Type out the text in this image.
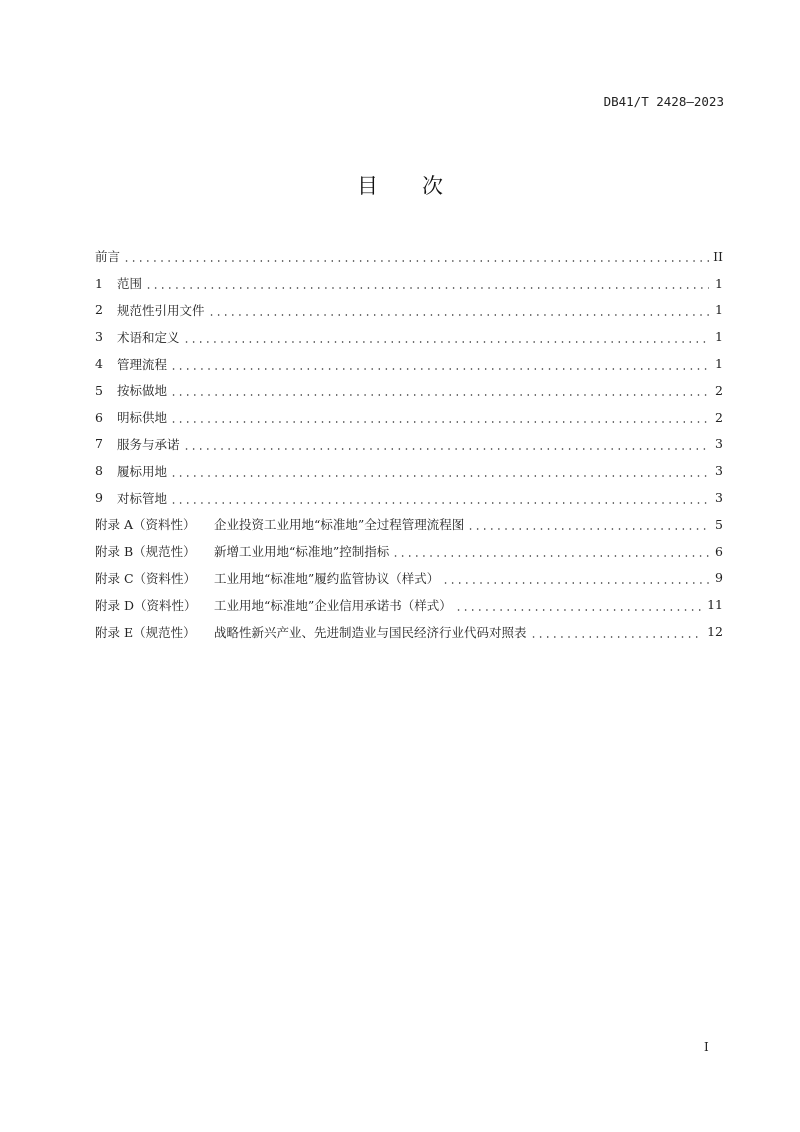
DB41/T 2428—2023
目 次
前言	II
1	范围	1
2	规范性引用文件	1
3	术语和定义	1
4	管理流程	1
5	按标做地	2
6	明标供地	2
7	服务与承诺	3
8	履标用地	3
9	对标管地	3
附录 A（资料性）	企业投资工业用地“标准地”全过程管理流程图	5
附录 B（规范性）	新增工业用地“标准地”控制指标	6
附录 C（资料性）	工业用地“标准地”履约监管协议（样式）	9
附录 D（资料性）	工业用地“标准地”企业信用承诺书（样式）	11
附录 E（规范性）	战略性新兴产业、先进制造业与国民经济行业代码对照表	12
I
